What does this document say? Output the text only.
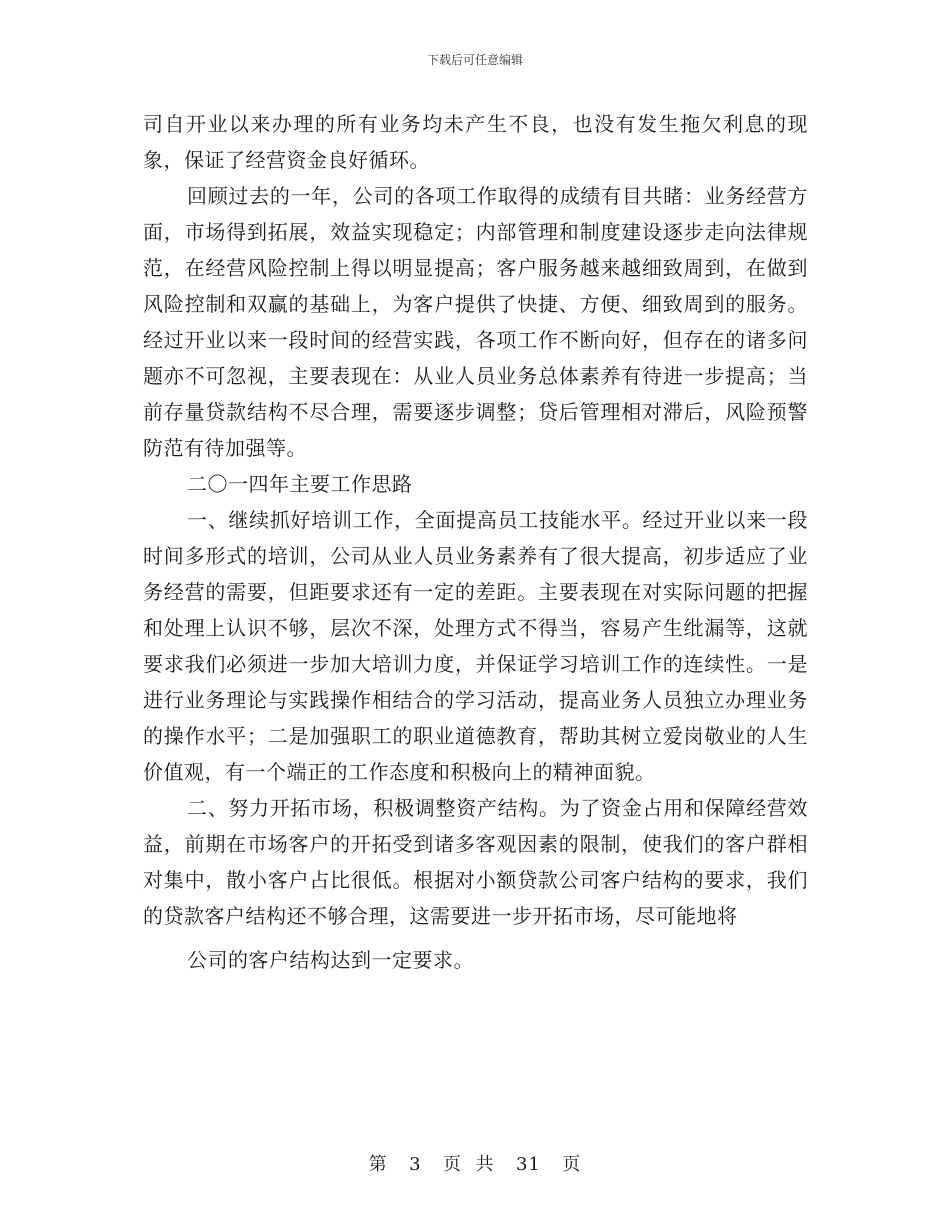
下载后可任意编辑

司自开业以来办理的所有业务均未产生不良，也没有发生拖欠利息的现象，保证了经营资金良好循环。

回顾过去的一年，公司的各项工作取得的成绩有目共睹：业务经营方面，市场得到拓展，效益实现稳定；内部管理和制度建设逐步走向法律规范，在经营风险控制上得以明显提高；客户服务越来越细致周到，在做到风险控制和双赢的基础上，为客户提供了快捷、方便、细致周到的服务。经过开业以来一段时间的经营实践，各项工作不断向好，但存在的诸多问题亦不可忽视，主要表现在：从业人员业务总体素养有待进一步提高；当前存量贷款结构不尽合理，需要逐步调整；贷后管理相对滞后，风险预警防范有待加强等。

二〇一四年主要工作思路

一、继续抓好培训工作，全面提高员工技能水平。经过开业以来一段时间多形式的培训，公司从业人员业务素养有了很大提高，初步适应了业务经营的需要，但距要求还有一定的差距。主要表现在对实际问题的把握和处理上认识不够，层次不深，处理方式不得当，容易产生纰漏等，这就要求我们必须进一步加大培训力度，并保证学习培训工作的连续性。一是进行业务理论与实践操作相结合的学习活动，提高业务人员独立办理业务的操作水平；二是加强职工的职业道德教育，帮助其树立爱岗敬业的人生价值观，有一个端正的工作态度和积极向上的精神面貌。

二、努力开拓市场，积极调整资产结构。为了资金占用和保障经营效益，前期在市场客户的开拓受到诸多客观因素的限制，使我们的客户群相对集中，散小客户占比很低。根据对小额贷款公司客户结构的要求，我们的贷款客户结构还不够合理，这需要进一步开拓市场，尽可能地将

公司的客户结构达到一定要求。

第 3 页  共 31 页
